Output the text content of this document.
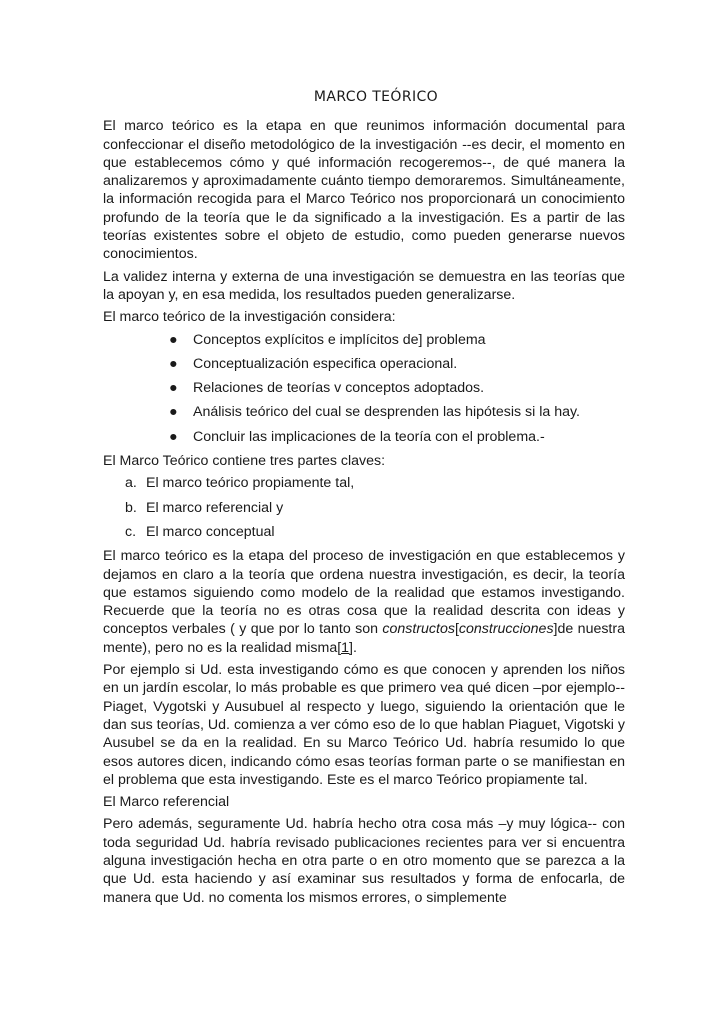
MARCO TEÓRICO

El marco teórico es la etapa en que reunimos información documental para confeccionar el diseño metodológico de la investigación --es decir, el momento en que establecemos cómo y qué información recogeremos--, de qué manera la analizaremos y aproximadamente cuánto tiempo demoraremos. Simultáneamente, la información recogida para el Marco Teórico nos proporcionará un conocimiento profundo de la teoría que le da significado a la investigación. Es a partir de las teorías existentes sobre el objeto de estudio, como pueden generarse nuevos conocimientos.

La validez interna y externa de una investigación se demuestra en las teorías que la apoyan y, en esa medida, los resultados pueden generalizarse.

El marco teórico de la investigación considera:

● Conceptos explícitos e implícitos de] problema
● Conceptualización especifica operacional.
● Relaciones de teorías v conceptos adoptados.
● Análisis teórico del cual se desprenden las hipótesis si la hay.
● Concluir las implicaciones de la teoría con el problema.-

El Marco Teórico contiene tres partes claves:

a. El marco teórico propiamente tal,
b. El marco referencial y
c. El marco conceptual

El marco teórico es la etapa del proceso de investigación en que establecemos y dejamos en claro a la teoría que ordena nuestra investigación, es decir, la teoría que estamos siguiendo como modelo de la realidad que estamos investigando. Recuerde que la teoría no es otras cosa que la realidad descrita con ideas y conceptos verbales ( y que por lo tanto son constructos[construcciones]de nuestra mente), pero no es la realidad misma[1].

Por ejemplo si Ud. esta investigando cómo es que conocen y aprenden los niños en un jardín escolar, lo más probable es que primero vea qué dicen –por ejemplo-- Piaget, Vygotski y Ausubuel al respecto y luego, siguiendo la orientación que le dan sus teorías, Ud. comienza a ver cómo eso de lo que hablan Piaguet, Vigotski y Ausubel se da en la realidad. En su Marco Teórico Ud. habría resumido lo que esos autores dicen, indicando cómo esas teorías forman parte o se manifiestan en el problema que esta investigando. Este es el marco Teórico propiamente tal.

El Marco referencial

Pero además, seguramente Ud. habría hecho otra cosa más –y muy lógica-- con toda seguridad Ud. habría revisado publicaciones recientes para ver si encuentra alguna investigación hecha en otra parte o en otro momento que se parezca a la que Ud. esta haciendo y así examinar sus resultados y forma de enfocarla, de manera que Ud. no comenta los mismos errores, o simplemente
